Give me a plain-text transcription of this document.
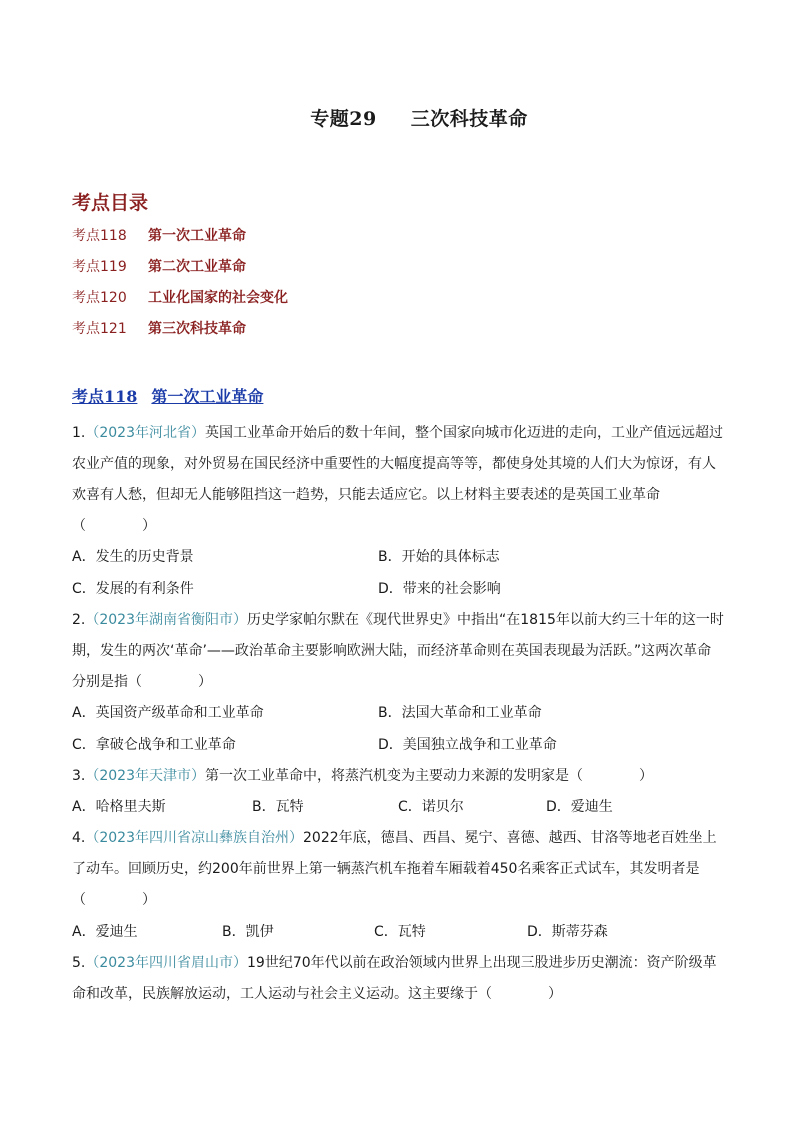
专题29 三次科技革命
考点目录
考点118 第一次工业革命
考点119 第二次工业革命
考点120 工业化国家的社会变化
考点121 第三次科技革命
考点118 第一次工业革命
1.（2023年河北省）英国工业革命开始后的数十年间，整个国家向城市化迈进的走向，工业产值远远超过农业产值的现象，对外贸易在国民经济中重要性的大幅度提高等等，都使身处其境的人们大为惊讶，有人欢喜有人愁，但却无人能够阻挡这一趋势，只能去适应它。以上材料主要表述的是英国工业革命（　　　　）
A．发生的历史背景	B．开始的具体标志
C．发展的有利条件	D．带来的社会影响
2.（2023年湖南省衡阳市）历史学家帕尔默在《现代世界史》中指出“在1815年以前大约三十年的这一时期，发生的两次‘革命’——政治革命主要影响欧洲大陆，而经济革命则在英国表现最为活跃。”这两次革命分别是指（　　　　）
A．英国资产级革命和工业革命	B．法国大革命和工业革命
C．拿破仑战争和工业革命	D．美国独立战争和工业革命
3.（2023年天津市）第一次工业革命中，将蒸汽机变为主要动力来源的发明家是（　　　　）
A．哈格里夫斯	B．瓦特	C．诺贝尔	D．爱迪生
4.（2023年四川省凉山彝族自治州）2022年底，德昌、西昌、冕宁、喜德、越西、甘洛等地老百姓坐上了动车。回顾历史，约200年前世界上第一辆蒸汽机车拖着车厢载着450名乘客正式试车，其发明者是（　　　　）
A．爱迪生	B．凯伊	C．瓦特	D．斯蒂芬森
5.（2023年四川省眉山市）19世纪70年代以前在政治领域内世界上出现三股进步历史潮流：资产阶级革命和改革，民族解放运动，工人运动与社会主义运动。这主要缘于（　　　　）
